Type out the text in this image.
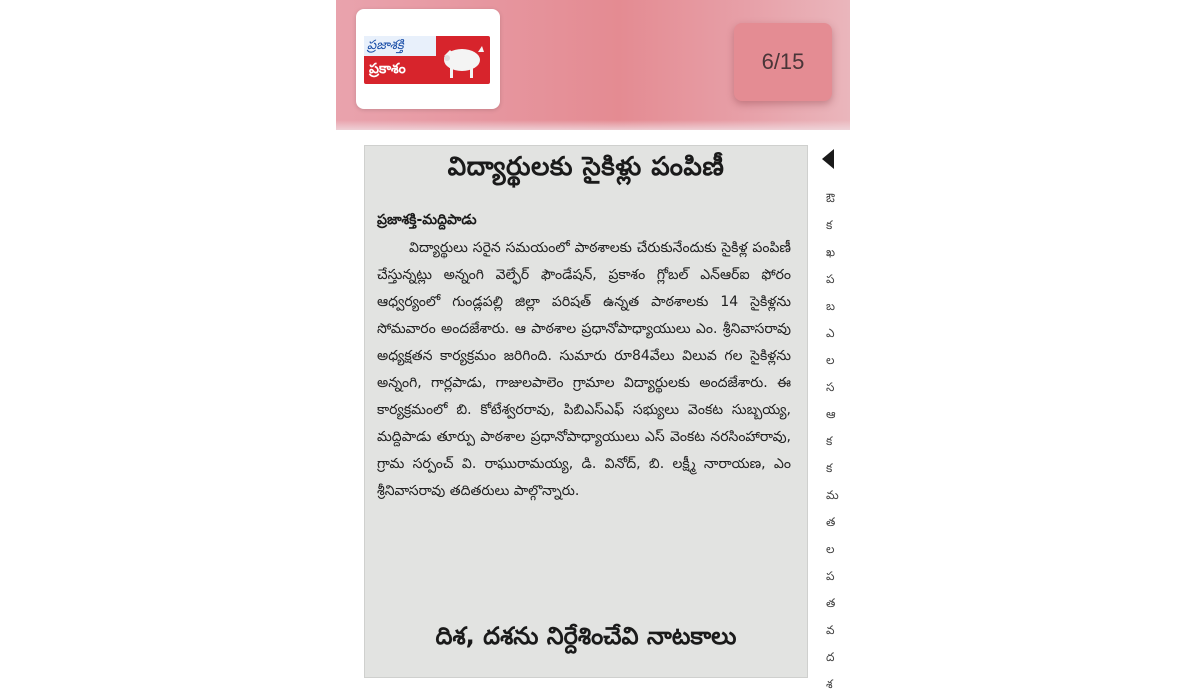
ప్రజాశక్తి
ప్రకాశం	6/15
విద్యార్థులకు సైకిళ్లు పంపిణీ
ప్రజాశక్తి-మద్దిపాడు
విద్యార్థులు సరైన సమయంలో పాఠశాలకు చేరుకునేందుకు సైకిళ్ల పంపిణీ చేస్తున్నట్లు అన్నంగి వెల్ఫేర్ ఫౌండేషన్, ప్రకాశం గ్లోబల్ ఎన్ఆర్ఐ ఫోరం ఆధ్వర్యంలో గుండ్లపల్లి జిల్లా పరిషత్ ఉన్నత పాఠశాలకు 14 సైకిళ్లను సోమవారం అందజేశారు. ఆ పాఠశాల ప్రధానోపాధ్యాయులు ఎం. శ్రీనివాసరావు అధ్యక్షతన కార్యక్రమం జరిగింది. సుమారు రూ84వేలు విలువ గల సైకిళ్లను అన్నంగి, గార్లపాడు, గాజులపాలెం గ్రామాల విద్యార్థులకు అందజేశారు. ఈ కార్యక్రమంలో బి. కోటేశ్వరరావు, పిబిఎస్ఎఫ్ సభ్యులు వెంకట సుబ్బయ్య, మద్దిపాడు తూర్పు పాఠశాల ప్రధానోపాధ్యాయులు ఎస్ వెంకట నరసింహారావు, గ్రామ సర్పంచ్ వి. రాఘురామయ్య, డి. వినోద్, బి. లక్ష్మీ నారాయణ, ఎం శ్రీనివాసరావు తదితరులు పాల్గొన్నారు.
దిశ, దశను నిర్దేశించేవి నాటకాలు
ఔ
క
ఖ
ప
బ
ఎ
ల
స
ఆ
క
క
మ
త
ల
ప
త
వ
ద
శ
